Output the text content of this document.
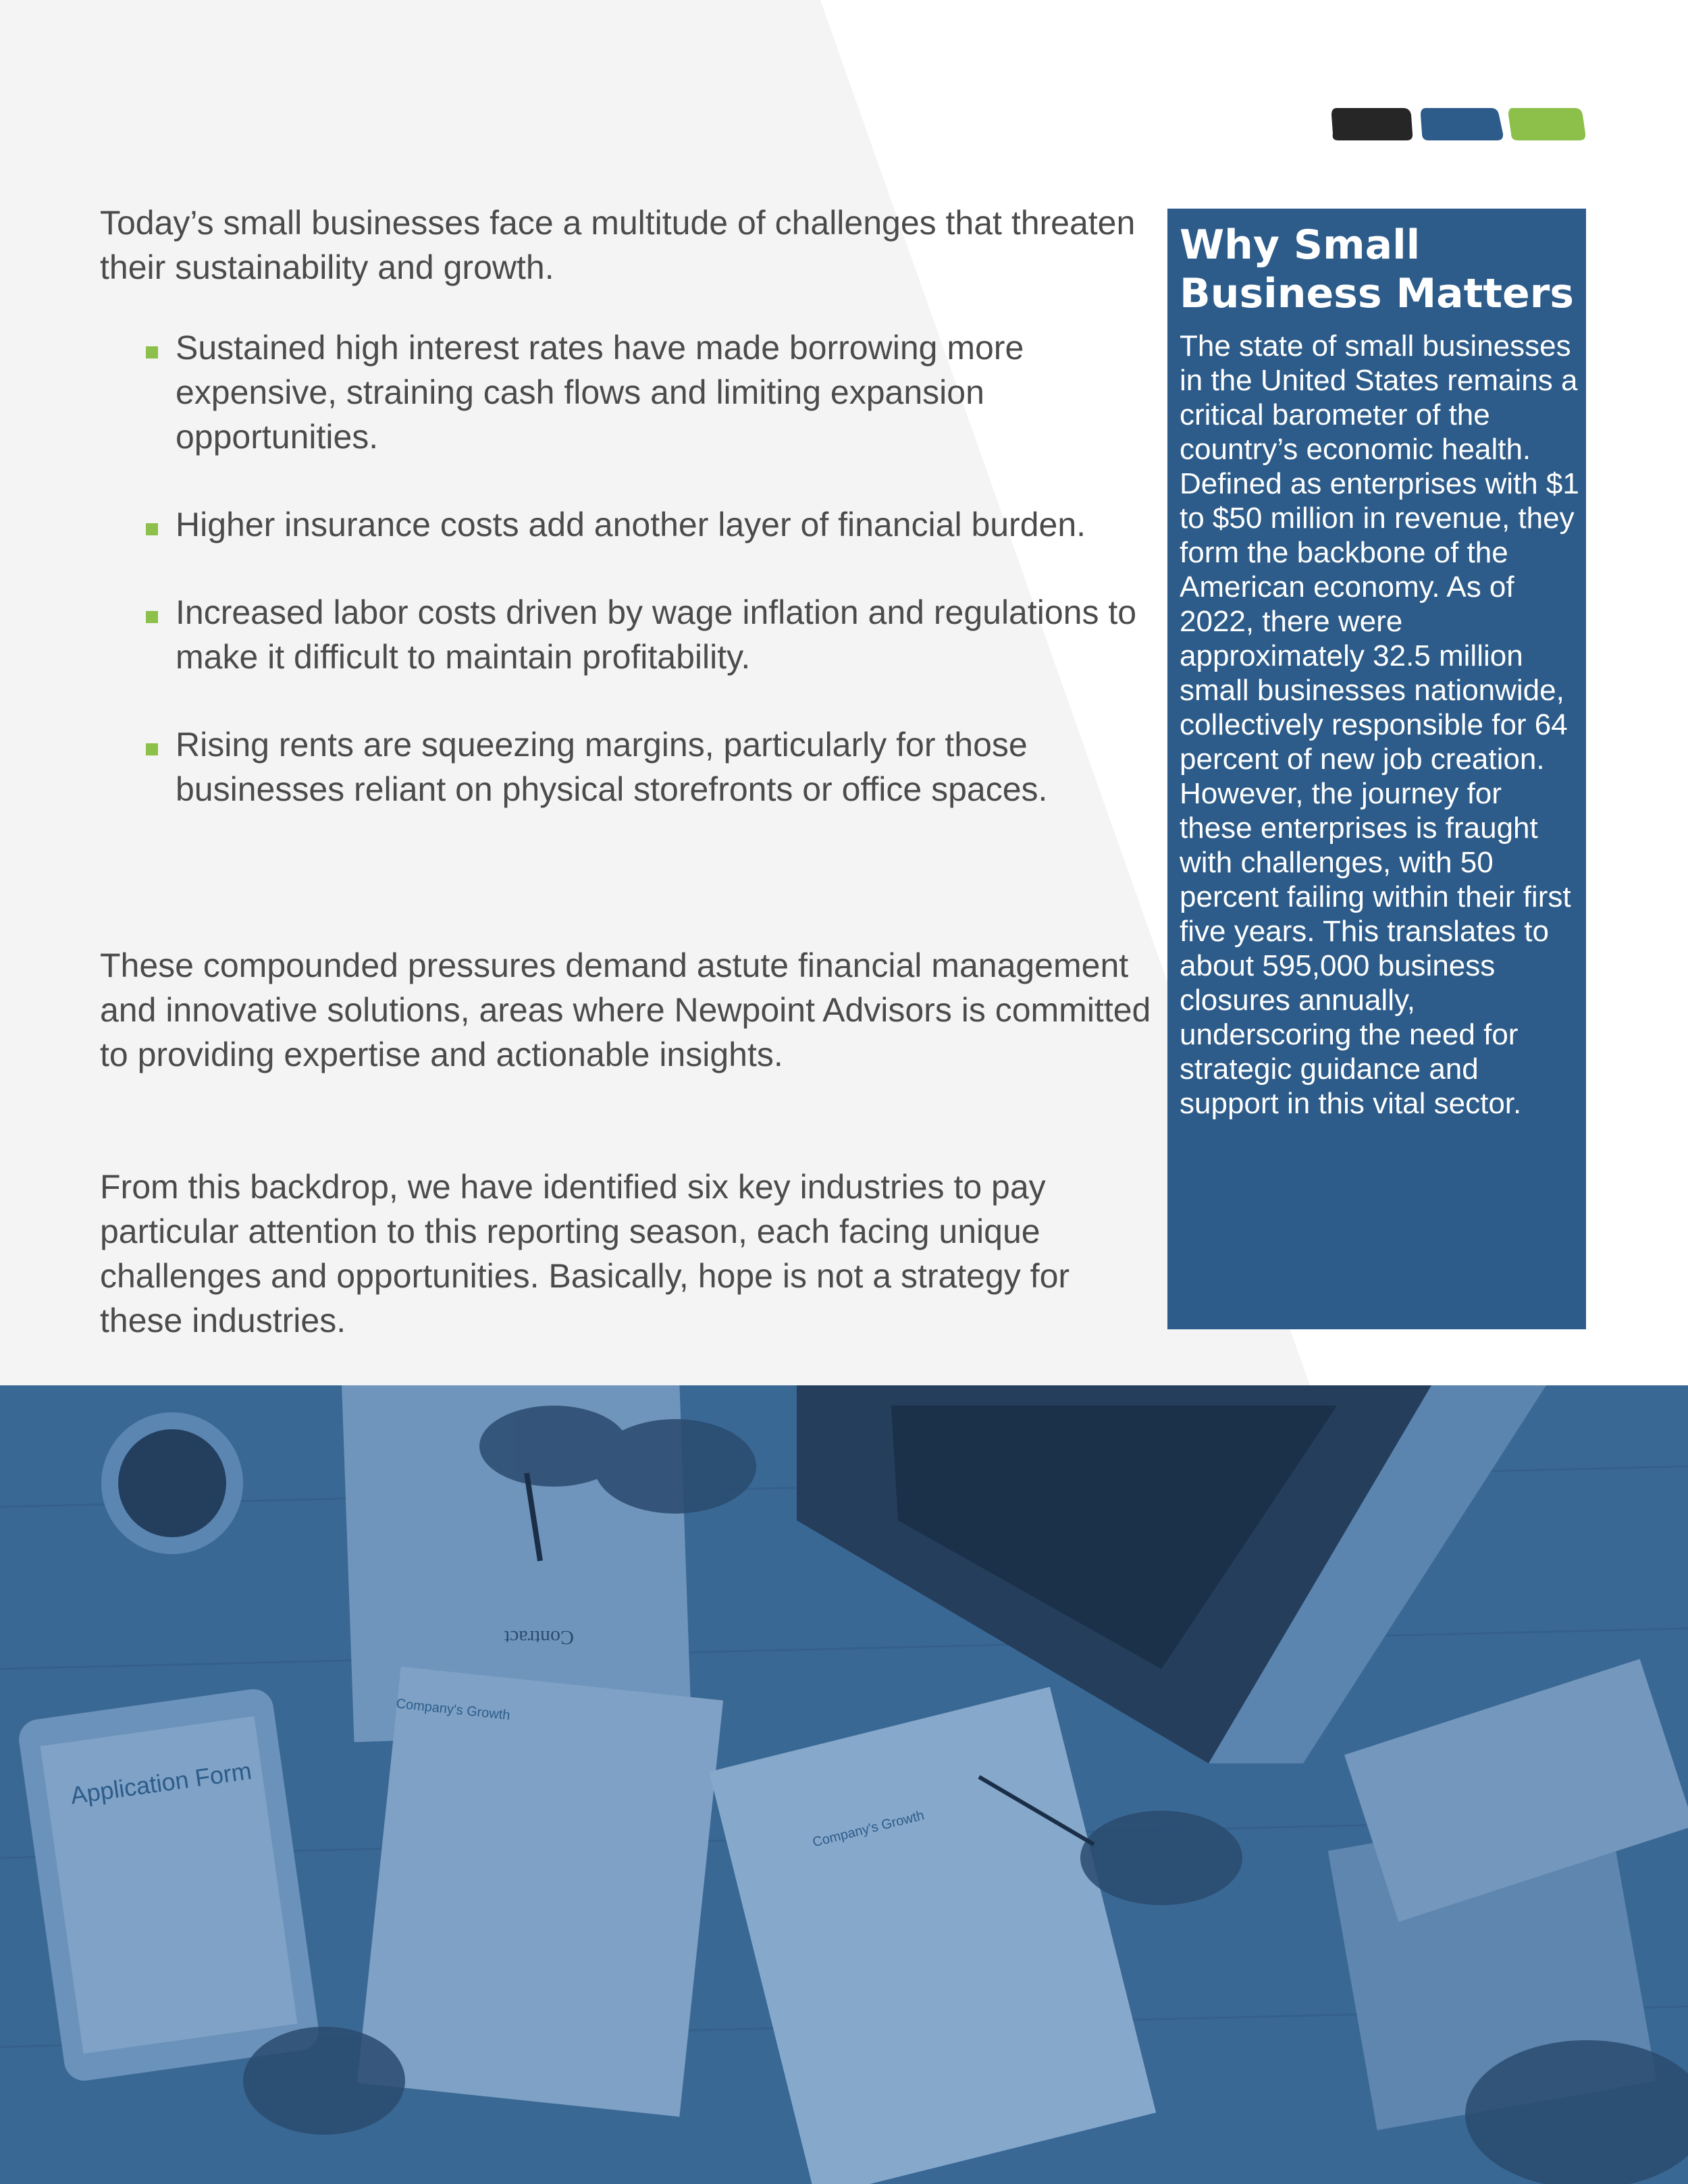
Today’s small businesses face a multitude of challenges that threaten their sustainability and growth.

Sustained high interest rates have made borrowing more expensive, straining cash flows and limiting expansion opportunities.
Higher insurance costs add another layer of financial burden.
Increased labor costs driven by wage inflation and regulations to make it difficult to maintain profitability.
Rising rents are squeezing margins, particularly for those businesses reliant on physical storefronts or office spaces.

These compounded pressures demand astute financial management and innovative solutions, areas where Newpoint Advisors is committed to providing expertise and actionable insights.

From this backdrop, we have identified six key industries to pay particular attention to this reporting season, each facing unique challenges and opportunities. Basically, hope is not a strategy for these industries.

Why Small Business Matters

The state of small businesses in the United States remains a critical barometer of the country’s economic health. Defined as enterprises with $1 to $50 million in revenue, they form the backbone of the American economy. As of 2022, there were approximately 32.5 million small businesses nationwide, collectively responsible for 64 percent of new job creation. However, the journey for these enterprises is fraught with challenges, with 50 percent failing within their first five years. This translates to about 595,000 business closures annually, underscoring the need for strategic guidance and support in this vital sector.

Contract
Application Form
Company's Growth
Company's Growth
